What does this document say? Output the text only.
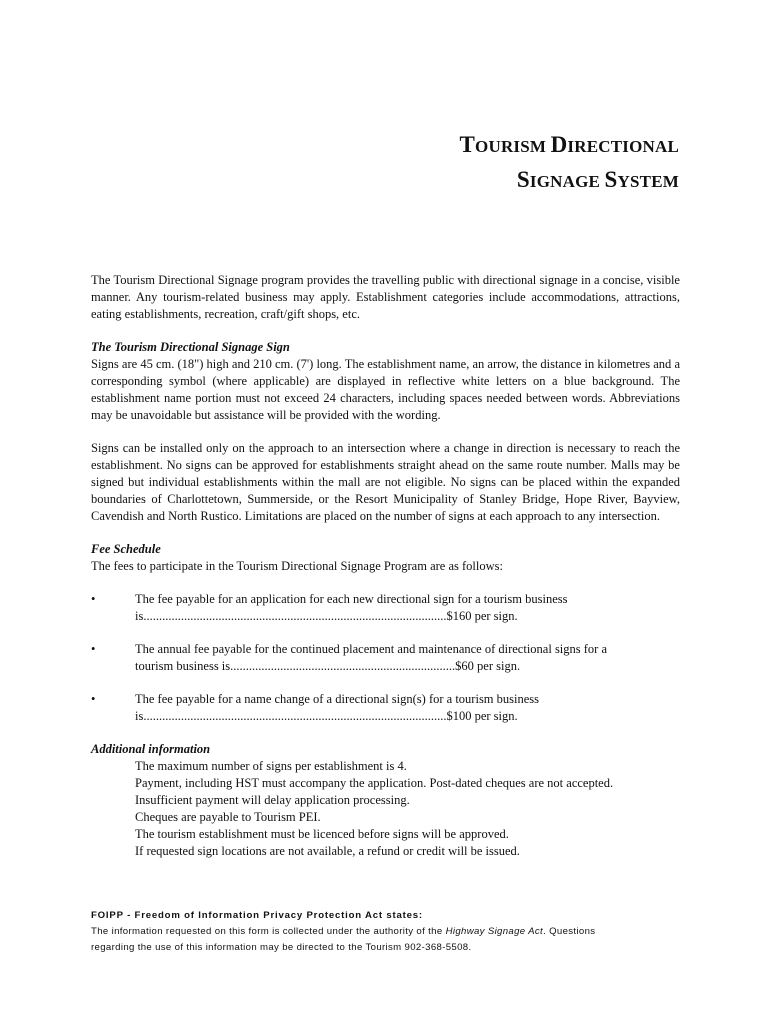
TOURISM DIRECTIONAL
SIGNAGE SYSTEM

The Tourism Directional Signage program provides the travelling public with directional signage in a concise, visible manner. Any tourism-related business may apply. Establishment categories include accommodations, attractions, eating establishments, recreation, craft/gift shops, etc.

The Tourism Directional Signage Sign

Signs are 45 cm. (18") high and 210 cm. (7') long. The establishment name, an arrow, the distance in kilometres and a corresponding symbol (where applicable) are displayed in reflective white letters on a blue background. The establishment name portion must not exceed 24 characters, including spaces needed between words. Abbreviations may be unavoidable but assistance will be provided with the wording.

Signs can be installed only on the approach to an intersection where a change in direction is necessary to reach the establishment. No signs can be approved for establishments straight ahead on the same route number. Malls may be signed but individual establishments within the mall are not eligible. No signs can be placed within the expanded boundaries of Charlottetown, Summerside, or the Resort Municipality of Stanley Bridge, Hope River, Bayview, Cavendish and North Rustico. Limitations are placed on the number of signs at each approach to any intersection.

Fee Schedule

The fees to participate in the Tourism Directional Signage Program are as follows:

•	The fee payable for an application for each new directional sign for a tourism business
is.................................................................................................$160 per sign.
•	The annual fee payable for the continued placement and maintenance of directional signs for a
tourism business is........................................................................$60 per sign.
•	The fee payable for a name change of a directional sign(s) for a tourism business
is.................................................................................................$100 per sign.

Additional information

The maximum number of signs per establishment is 4.
Payment, including HST must accompany the application. Post-dated cheques are not accepted.
Insufficient payment will delay application processing.
Cheques are payable to Tourism PEI.
The tourism establishment must be licenced before signs will be approved.
If requested sign locations are not available, a refund or credit will be issued.
FOIPP - Freedom of Information Privacy Protection Act states:
The information requested on this form is collected under the authority of the Highway Signage Act. Questions
regarding the use of this information may be directed to the Tourism 902-368-5508.
